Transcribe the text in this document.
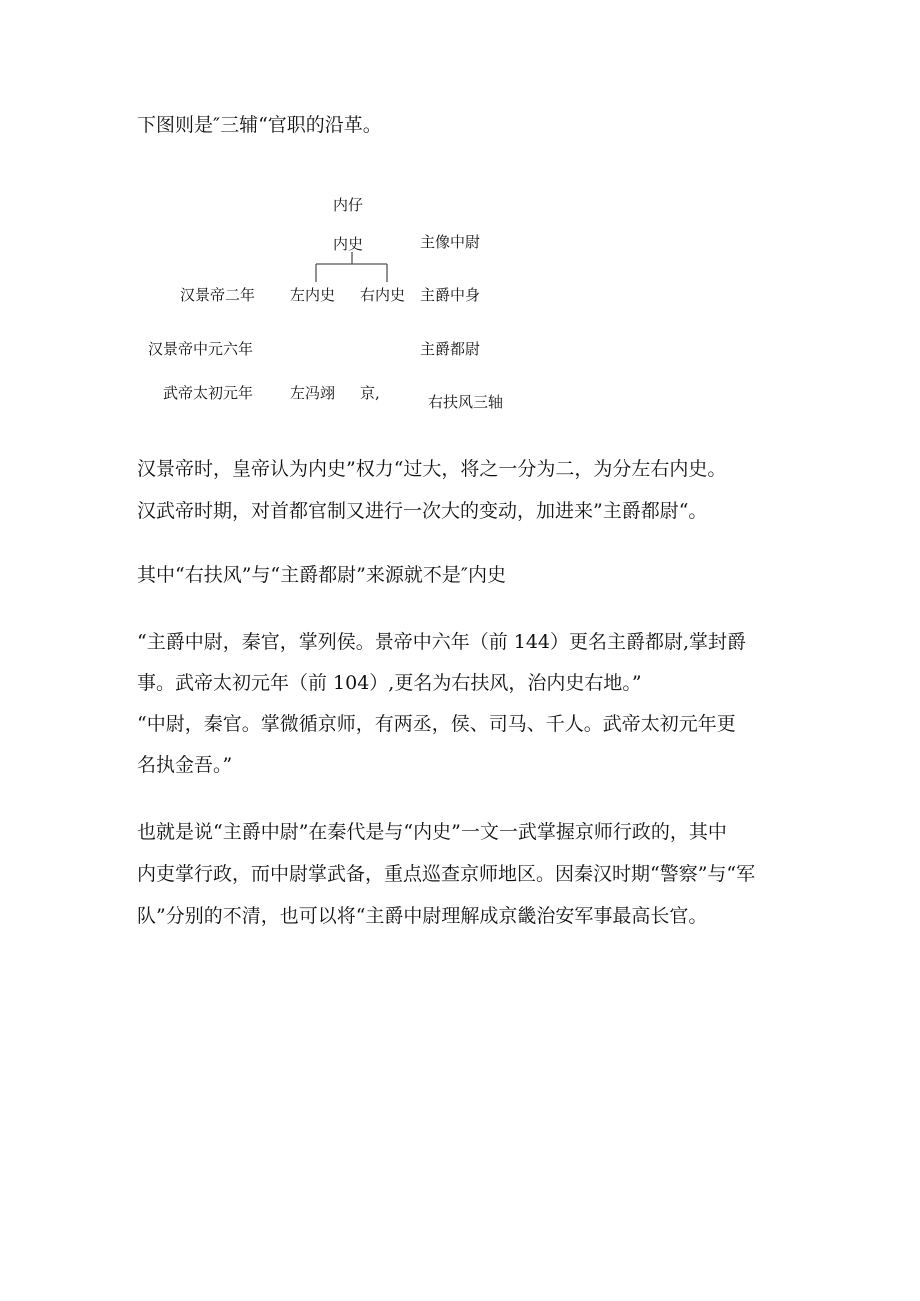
下图则是″三辅“官职的沿革。
内仔
内史
左内史 右内史
主像中尉
主爵中身
主爵都尉
右扶风三轴
汉景帝二年
汉景帝中元六年
武帝太初元年 左冯翊 京,
汉景帝时，皇帝认为内史”权力“过大，将之一分为二，为分左右内史。
汉武帝时期，对首都官制又进行一次大的变动，加进来”主爵都尉“。
其中“右扶风”与“主爵都尉”来源就不是″内史
“主爵中尉，秦官，掌列侯。景帝中六年（前 144）更名主爵都尉,掌封爵
事。武帝太初元年（前 104）,更名为右扶风，治内史右地。”
“中尉，秦官。掌微循京师，有两丞，侯、司马、千人。武帝太初元年更
名执金吾。”
也就是说“主爵中尉”在秦代是与“内史”一文一武掌握京师行政的，其中
内吏掌行政，而中尉掌武备，重点巡查京师地区。因秦汉时期“警察”与“军
队”分别的不清，也可以将“主爵中尉理解成京畿治安军事最高长官。
